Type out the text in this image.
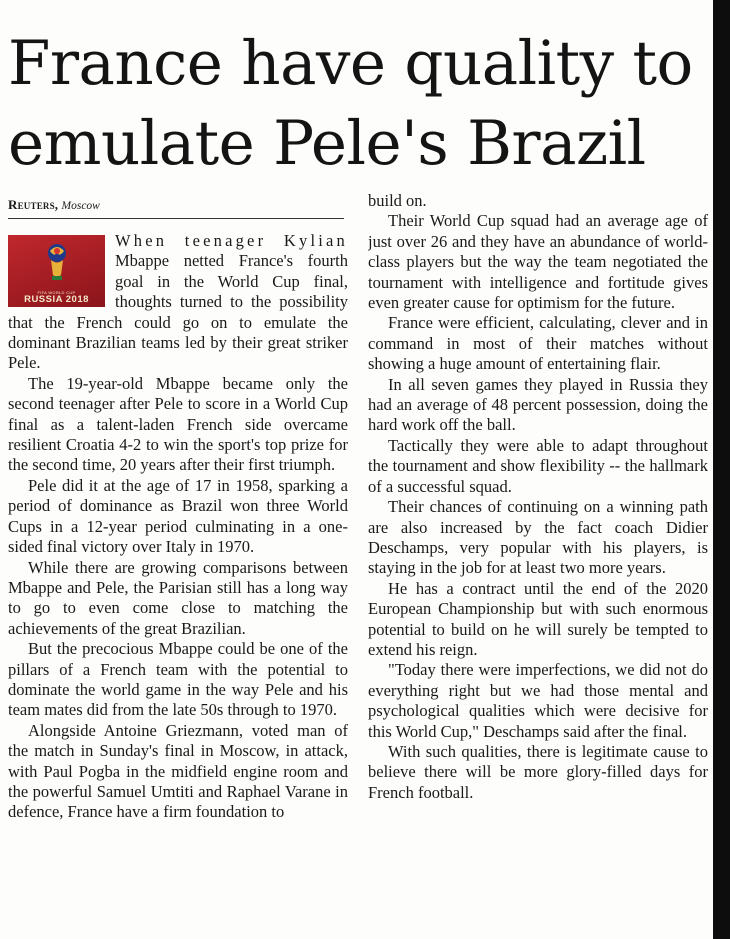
France have quality to emulate Pele's Brazil
Reuters, Moscow
FIFA WORLD CUP
RUSSIA 2018

When teenager Kylian Mbappe netted France's fourth goal in the World Cup final, thoughts turned to the possibility that the French could go on to emulate the dominant Brazilian teams led by their great striker Pele.

The 19-year-old Mbappe became only the second teenager after Pele to score in a World Cup final as a talent-laden French side overcame resilient Croatia 4-2 to win the sport's top prize for the second time, 20 years after their first triumph.

Pele did it at the age of 17 in 1958, sparking a period of dominance as Brazil won three World Cups in a 12-year period culminating in a one-sided final victory over Italy in 1970.

While there are growing comparisons between Mbappe and Pele, the Parisian still has a long way to go to even come close to matching the achievements of the great Brazilian.

But the precocious Mbappe could be one of the pillars of a French team with the potential to dominate the world game in the way Pele and his team mates did from the late 50s through to 1970.

Alongside Antoine Griezmann, voted man of the match in Sunday's final in Moscow, in attack, with Paul Pogba in the midfield engine room and the powerful Samuel Umtiti and Raphael Varane in defence, France have a firm foundation to

build on.

Their World Cup squad had an average age of just over 26 and they have an abundance of world-class players but the way the team negotiated the tournament with intelligence and fortitude gives even greater cause for optimism for the future.

France were efficient, calculating, clever and in command in most of their matches without showing a huge amount of entertaining flair.

In all seven games they played in Russia they had an average of 48 percent possession, doing the hard work off the ball.

Tactically they were able to adapt throughout the tournament and show flexibility -- the hallmark of a successful squad.

Their chances of continuing on a winning path are also increased by the fact coach Didier Deschamps, very popular with his players, is staying in the job for at least two more years.

He has a contract until the end of the 2020 European Championship but with such enormous potential to build on he will surely be tempted to extend his reign.

"Today there were imperfections, we did not do everything right but we had those mental and psychological qualities which were decisive for this World Cup," Deschamps said after the final.

With such qualities, there is legitimate cause to believe there will be more glory-filled days for French football.
